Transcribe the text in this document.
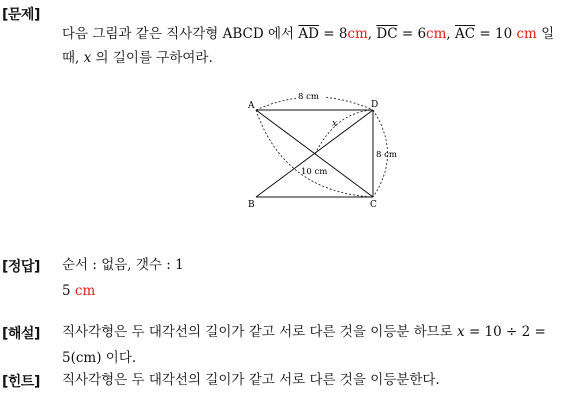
[문제]
다음 그림과 같은 직사각형 ABCD 에서 $\overline{AD} = 8cm$, $\overline{DC} = 6cm$, $\overline{AC} = 10$ cm 일
때, x 의 길이를 구하여라.
A
B	C
D
8 cm
8 cm
10 cm
x
[정답] 순서 : 없음, 갯수 : 1
5 cm
[해설] 직사각형은 두 대각선의 길이가 같고 서로 다른 것을 이등분 하므로 x = 10 ÷ 2 =
5(cm) 이다.
[힌트] 직사각형은 두 대각선의 길이가 같고 서로 다른 것을 이등분한다.
